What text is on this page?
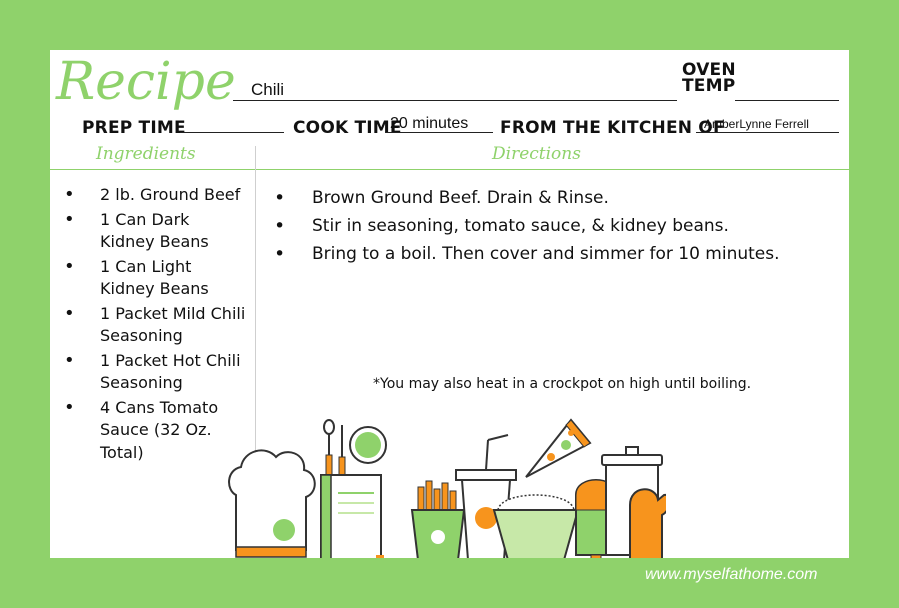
Recipe Chili
OVEN
TEMP
PREP TIME	COOK TIME
20 minutes FROM THE KITCHEN OF
AmberLynne Ferrell
Ingredients	Directions
• 2 lb. Ground Beef
• 1 Can Dark Kidney Beans
• 1 Can Light Kidney Beans
• 1 Packet Mild Chili Seasoning
• 1 Packet Hot Chili Seasoning
• 4 Cans Tomato Sauce (32 Oz. Total)
• Brown Ground Beef. Drain & Rinse.
• Stir in seasoning, tomato sauce, & kidney beans.
• Bring to a boil. Then cover and simmer for 10 minutes.
*You may also heat in a crockpot on high until boiling.
www.myselfathome.com
